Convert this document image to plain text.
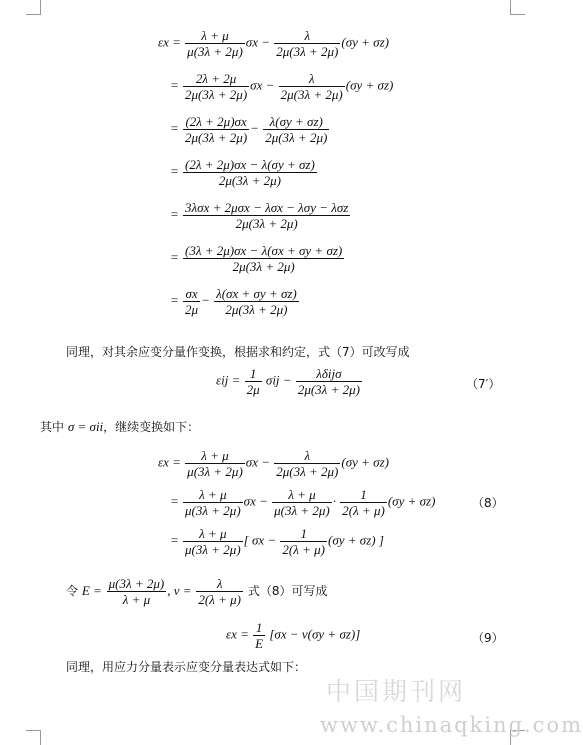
$\varepsilon x = \frac{\lambda + \mu}{\mu(3\lambda + 2\mu)}$ $\sigma x - \frac{\lambda}{2\mu(3\lambda + 2\mu)} (\sigma y + \sigma z)$
= $\frac{2\lambda + 2\mu}{2\mu(3\lambda + 2\mu)}$ $\sigma x - \frac{\lambda}{2\mu(3\lambda + 2\mu)} (\sigma y + \sigma z)$
= $\frac{(2\lambda + 2\mu)\sigma x}{2\mu(3\lambda + 2\mu)} - \frac{\lambda(\sigma y + \sigma z)}{2\mu(3\lambda + 2\mu)}$
= $\frac{(2\lambda + 2\mu)\sigma x - \lambda(\sigma y + \sigma z)}{2\mu(3\lambda + 2\mu)}$
= $\frac{\text{3λσx + 2μσx − λσx − λσy − λσz}}{2\mu(3\lambda + 2\mu)}$
= $\frac{(3\lambda + 2\mu)\sigma x - \lambda(\sigma x + \sigma y + \sigma z)}{2\mu(3\lambda + 2\mu)}$
= $\frac{\sigma x}{2\mu} - \frac{\lambda(\sigma x + \sigma y + \sigma z)}{2\mu(3\lambda + 2\mu)}$
同理，对其余应变分量作变换，根据求和约定，式（7）可改写成
$\varepsilon ij = \frac{1}{2\mu}$ $\sigma ij - \frac{\text{λδijσ}}{2\mu(3\lambda + 2\mu)}$	（7′）
其中 σ = σii，继续变换如下：
$\varepsilon x = \frac{\lambda + \mu}{\mu(3\lambda + 2\mu)}$ $\sigma x - \frac{\lambda}{2\mu(3\lambda + 2\mu)} (\sigma y + \sigma z)$
= $\frac{\lambda + \mu}{\mu(3\lambda + 2\mu)}$ $\sigma x - \frac{\lambda + \mu}{\mu(3\lambda + 2\mu)} \cdot \frac{1}{2(\lambda + \mu)} (\sigma y + \sigma z)$
= $\frac{\lambda + \mu}{\mu(3\lambda + 2\mu)}$ [ $\sigma x - \frac{1}{2(\lambda + \mu)} (\sigma y + \sigma z)$ ]
（8）
令 $E = \frac{\mu(3\lambda + 2\mu)}{\lambda + \mu}$ , $\nu = \frac{\lambda}{2(\lambda + \mu)}$ 式（8）可写成
$\varepsilon x = \frac{1}{E} [\sigma x - \nu(\sigma y + \sigma z)]$	（9）
同理，用应力分量表示应变分量表达式如下：
中国期刊网
www.chinaqking.com
